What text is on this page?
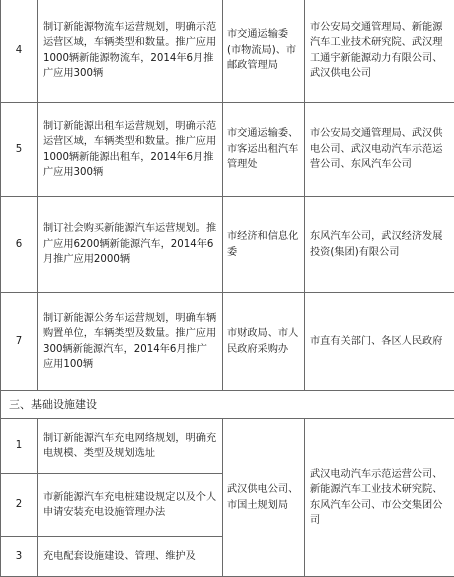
4	制订新能源物流车运营规划，明确示范运营区域，车辆类型和数量。推广应用1000辆新能源物流车，2014年6月推广应用300辆	市交通运输委(市物流局)、市邮政管理局	市公安局交通管理局、新能源汽车工业技术研究院、武汉理工通宇新能源动力有限公司、武汉供电公司
5	制订新能源出租车运营规划，明确示范运营区域，车辆类型和数量。推广应用1000辆新能源出租车，2014年6月推广应用300辆	市交通运输委、市客运出租汽车管理处	市公安局交通管理局、武汉供电公司、武汉电动汽车示范运营公司、东风汽车公司
6	制订社会购买新能源汽车运营规划。推广应用6200辆新能源汽车，2014年6月推广应用2000辆	市经济和信息化委	东风汽车公司，武汉经济发展投资(集团)有限公司
7	制订新能源公务车运营规划，明确车辆购置单位，车辆类型及数量。推广应用300辆新能源汽车，2014年6月推广应用100辆	市财政局、市人民政府采购办	市直有关部门、各区人民政府
三、基础设施建设			
1	制订新能源汽车充电网络规划，明确充电规模、类型及规划选址	武汉供电公司、市国土规划局	武汉电动汽车示范运营公司、新能源汽车工业技术研究院、东风汽车公司、市公交集团公司
2	市新能源汽车充电桩建设规定以及个人申请安装充电设施管理办法		
3	充电配套设施建设、管理、维护及		
